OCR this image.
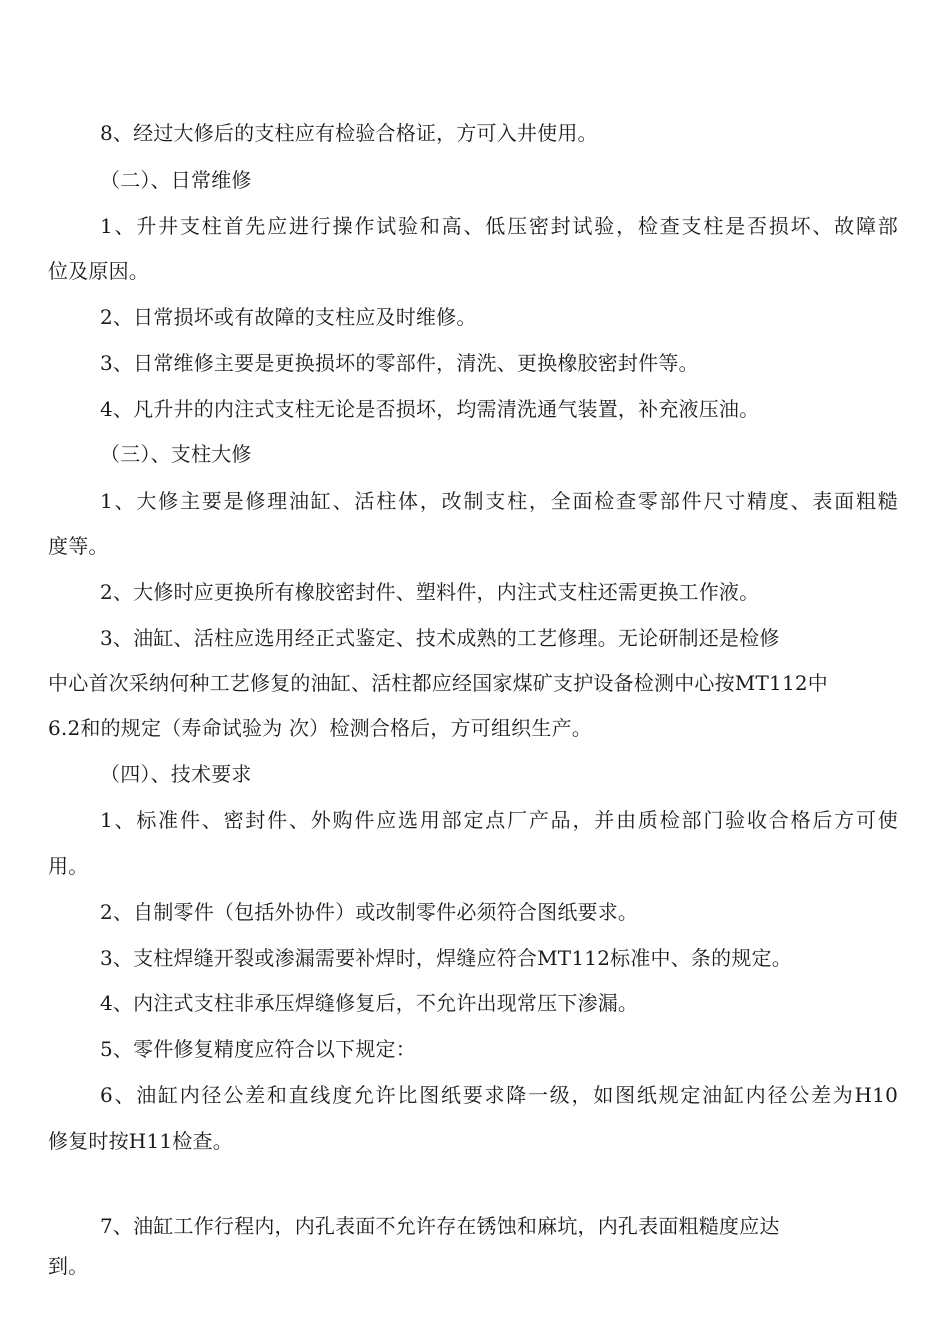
8、经过大修后的支柱应有检验合格证，方可入井使用。
（二）、日常维修
1、升井支柱首先应进行操作试验和高、低压密封试验，检查支柱是否损坏、故障部
位及原因。
2、日常损坏或有故障的支柱应及时维修。
3、日常维修主要是更换损坏的零部件，清洗、更换橡胶密封件等。
4、凡升井的内注式支柱无论是否损坏，均需清洗通气装置，补充液压油。
（三）、支柱大修
1、大修主要是修理油缸、活柱体，改制支柱，全面检查零部件尺寸精度、表面粗糙
度等。
2、大修时应更换所有橡胶密封件、塑料件，内注式支柱还需更换工作液。
3、油缸、活柱应选用经正式鉴定、技术成熟的工艺修理。无论研制还是检修
中心首次采纳何种工艺修复的油缸、活柱都应经国家煤矿支护设备检测中心按MT112中
6.2和的规定（寿命试验为 次）检测合格后，方可组织生产。
（四）、技术要求
1、标准件、密封件、外购件应选用部定点厂产品，并由质检部门验收合格后方可使
用。
2、自制零件（包括外协件）或改制零件必须符合图纸要求。
3、支柱焊缝开裂或渗漏需要补焊时，焊缝应符合MT112标准中、条的规定。
4、内注式支柱非承压焊缝修复后，不允许出现常压下渗漏。
5、零件修复精度应符合以下规定：
6、油缸内径公差和直线度允许比图纸要求降一级，如图纸规定油缸内径公差为H10
修复时按H11检查。
7、油缸工作行程内，内孔表面不允许存在锈蚀和麻坑，内孔表面粗糙度应达
到。
